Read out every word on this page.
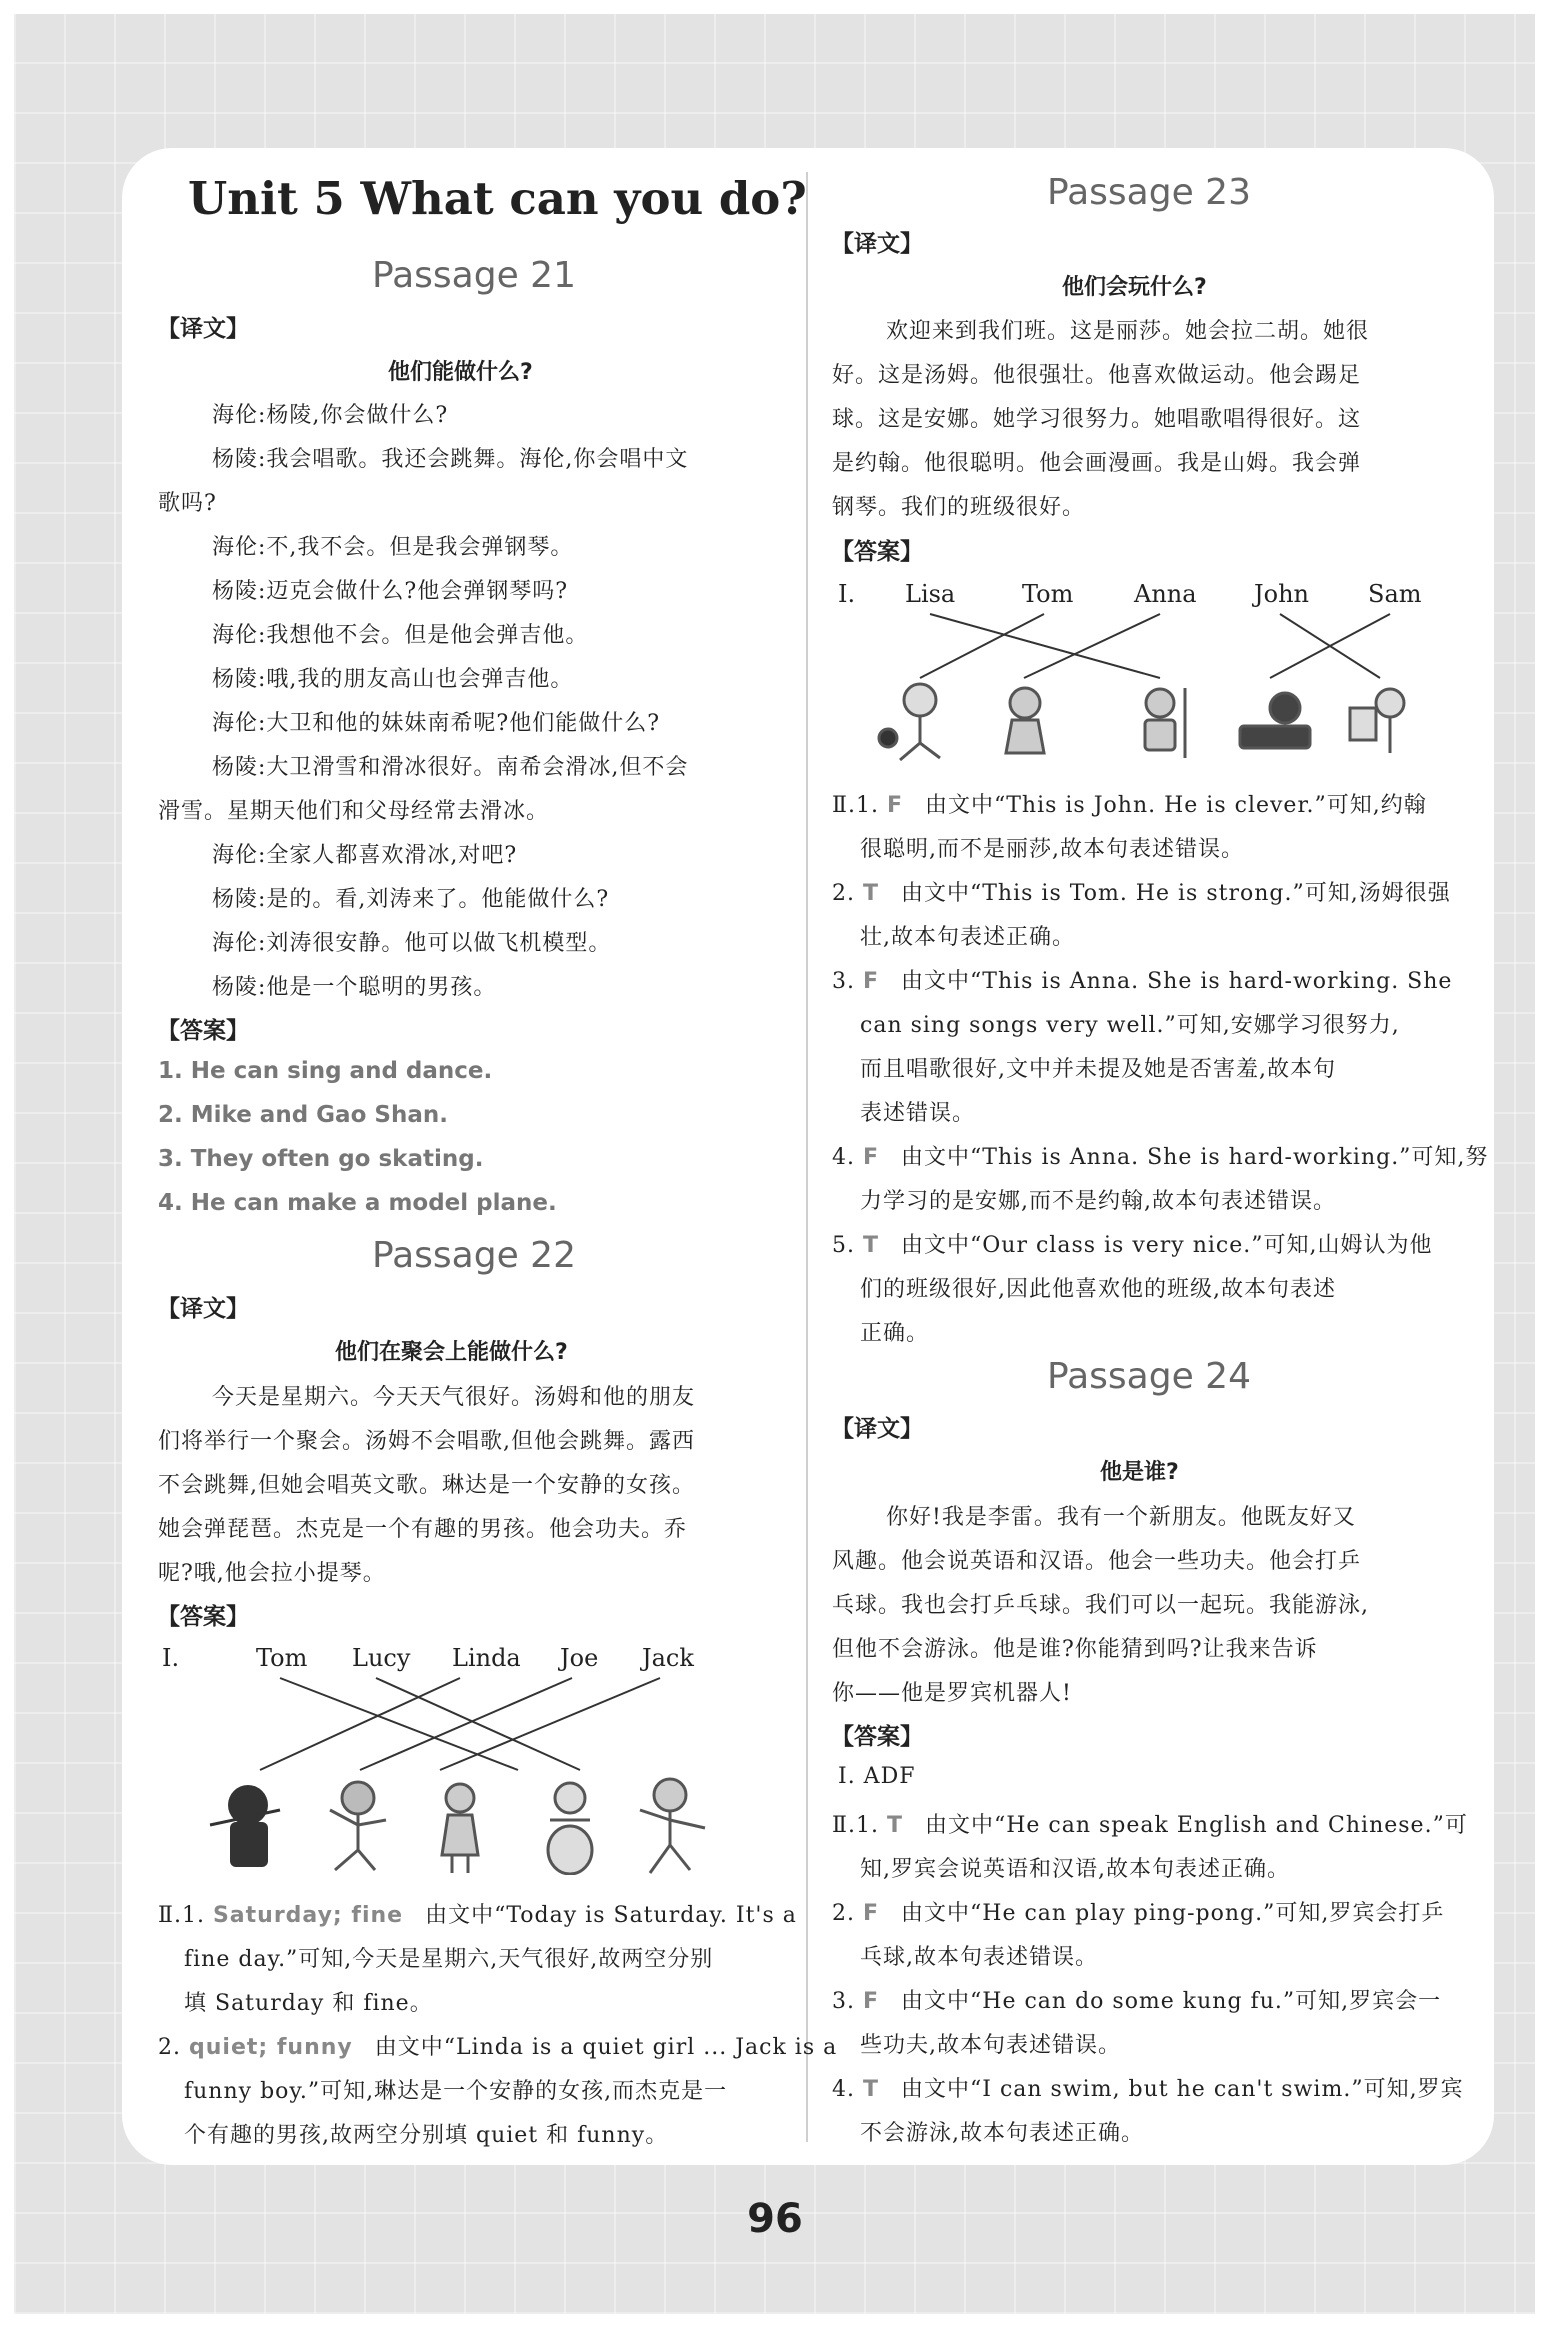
Unit 5 What can you do?
Passage 21
【译文】
他们能做什么?
海伦:杨陵,你会做什么?
杨陵:我会唱歌。我还会跳舞。海伦,你会唱中文
歌吗?
海伦:不,我不会。但是我会弹钢琴。
杨陵:迈克会做什么?他会弹钢琴吗?
海伦:我想他不会。但是他会弹吉他。
杨陵:哦,我的朋友高山也会弹吉他。
海伦:大卫和他的妹妹南希呢?他们能做什么?
杨陵:大卫滑雪和滑冰很好。南希会滑冰,但不会
滑雪。星期天他们和父母经常去滑冰。
海伦:全家人都喜欢滑冰,对吧?
杨陵:是的。看,刘涛来了。他能做什么?
海伦:刘涛很安静。他可以做飞机模型。
杨陵:他是一个聪明的男孩。
【答案】
1. He can sing and dance.
2. Mike and Gao Shan.
3. They often go skating.
4. He can make a model plane.
Passage 22
【译文】
他们在聚会上能做什么?
今天是星期六。今天天气很好。汤姆和他的朋友
们将举行一个聚会。汤姆不会唱歌,但他会跳舞。露西
不会跳舞,但她会唱英文歌。琳达是一个安静的女孩。
她会弹琵琶。杰克是一个有趣的男孩。他会功夫。乔
呢?哦,他会拉小提琴。
【答案】
Ⅰ.	Tom Lucy Linda Joe Jack
Ⅱ.1. Saturday; fine 由文中“Today is Saturday. It's a
fine day.”可知,今天是星期六,天气很好,故两空分别
填 Saturday 和 fine。
2. quiet; funny 由文中“Linda is a quiet girl ... Jack is a
funny boy.”可知,琳达是一个安静的女孩,而杰克是一
个有趣的男孩,故两空分别填 quiet 和 funny。
Passage 23
【译文】
他们会玩什么?
欢迎来到我们班。这是丽莎。她会拉二胡。她很
好。这是汤姆。他很强壮。他喜欢做运动。他会踢足
球。这是安娜。她学习很努力。她唱歌唱得很好。这
是约翰。他很聪明。他会画漫画。我是山姆。我会弹
钢琴。我们的班级很好。
【答案】
Ⅰ. Lisa	Tom	Anna John Sam
Ⅱ.1. F 由文中“This is John. He is clever.”可知,约翰
很聪明,而不是丽莎,故本句表述错误。
2. T 由文中“This is Tom. He is strong.”可知,汤姆很强
壮,故本句表述正确。
3. F 由文中“This is Anna. She is hard-working. She
can sing songs very well.”可知,安娜学习很努力,
而且唱歌很好,文中并未提及她是否害羞,故本句
表述错误。
4. F 由文中“This is Anna. She is hard-working.”可知,努
力学习的是安娜,而不是约翰,故本句表述错误。
5. T 由文中“Our class is very nice.”可知,山姆认为他
们的班级很好,因此他喜欢他的班级,故本句表述
正确。
Passage 24
【译文】
他是谁?
你好!我是李雷。我有一个新朋友。他既友好又
风趣。他会说英语和汉语。他会一些功夫。他会打乒
乓球。我也会打乒乓球。我们可以一起玩。我能游泳,
但他不会游泳。他是谁?你能猜到吗?让我来告诉
你——他是罗宾机器人!
【答案】
Ⅰ. ADF
Ⅱ.1. T 由文中“He can speak English and Chinese.”可
知,罗宾会说英语和汉语,故本句表述正确。
2. F 由文中“He can play ping-pong.”可知,罗宾会打乒
乓球,故本句表述错误。
3. F 由文中“He can do some kung fu.”可知,罗宾会一
些功夫,故本句表述错误。
4. T 由文中“I can swim, but he can't swim.”可知,罗宾
不会游泳,故本句表述正确。
96
